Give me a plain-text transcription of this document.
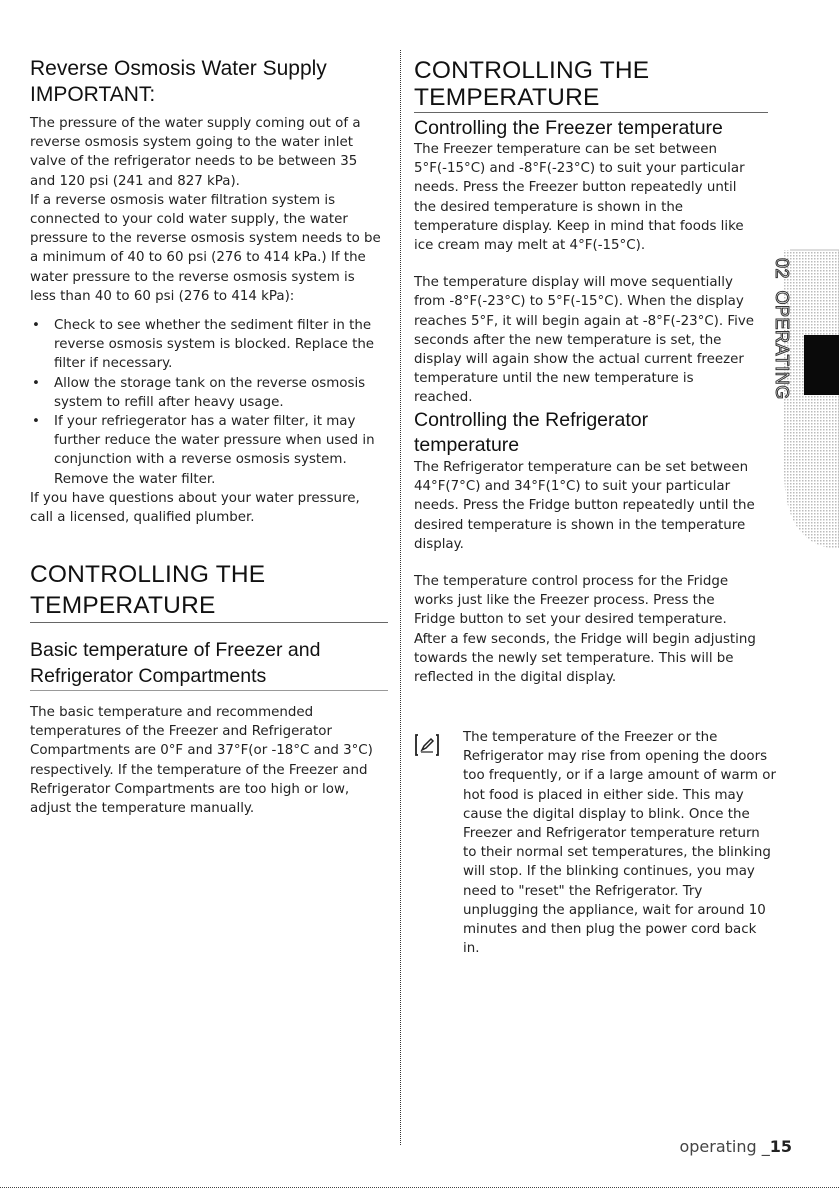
Reverse Osmosis Water Supply
IMPORTANT:

The pressure of the water supply coming out of a reverse osmosis system going to the water inlet valve of the refrigerator needs to be between 35 and 120 psi (241 and 827 kPa).

If a reverse osmosis water filtration system is connected to your cold water supply, the water pressure to the reverse osmosis system needs to be a minimum of 40 to 60 psi (276 to 414 kPa.) If the water pressure to the reverse osmosis system is less than 40 to 60 psi (276 to 414 kPa):

• Check to see whether the sediment filter in the reverse osmosis system is blocked. Replace the filter if necessary.
• Allow the storage tank on the reverse osmosis system to refill after heavy usage.
• If your refriegerator has a water filter, it may further reduce the water pressure when used in conjunction with a reverse osmosis system. Remove the water filter.

If you have questions about your water pressure, call a licensed, qualified plumber.

CONTROLLING THE
TEMPERATURE
Basic temperature of Freezer and
Refrigerator Compartments

The basic temperature and recommended temperatures of the Freezer and Refrigerator Compartments are 0°F and 37°F(or -18°C and 3°C) respectively. If the temperature of the Freezer and Refrigerator Compartments are too high or low, adjust the temperature manually.

CONTROLLING THE
TEMPERATURE
Controlling the Freezer temperature

The Freezer temperature can be set between 5°F(-15°C) and -8°F(-23°C) to suit your particular needs. Press the Freezer button repeatedly until the desired temperature is shown in the temperature display. Keep in mind that foods like ice cream may melt at 4°F(-15°C).

The temperature display will move sequentially from -8°F(-23°C) to 5°F(-15°C). When the display reaches 5°F, it will begin again at -8°F(-23°C). Five seconds after the new temperature is set, the display will again show the actual current freezer temperature until the new temperature is reached.

Controlling the Refrigerator
temperature

The Refrigerator temperature can be set between 44°F(7°C) and 34°F(1°C) to suit your particular needs. Press the Fridge button repeatedly until the desired temperature is shown in the temperature display.

The temperature control process for the Fridge works just like the Freezer process. Press the Fridge button to set your desired temperature. After a few seconds, the Fridge will begin adjusting towards the newly set temperature. This will be reflected in the digital display.

The temperature of the Freezer or the Refrigerator may rise from opening the doors too frequently, or if a large amount of warm or hot food is placed in either side. This may cause the digital display to blink. Once the Freezer and Refrigerator temperature return to their normal set temperatures, the blinking will stop. If the blinking continues, you may need to "reset" the Refrigerator. Try unplugging the appliance, wait for around 10 minutes and then plug the power cord back in.

02 OPERATING
operating _15
